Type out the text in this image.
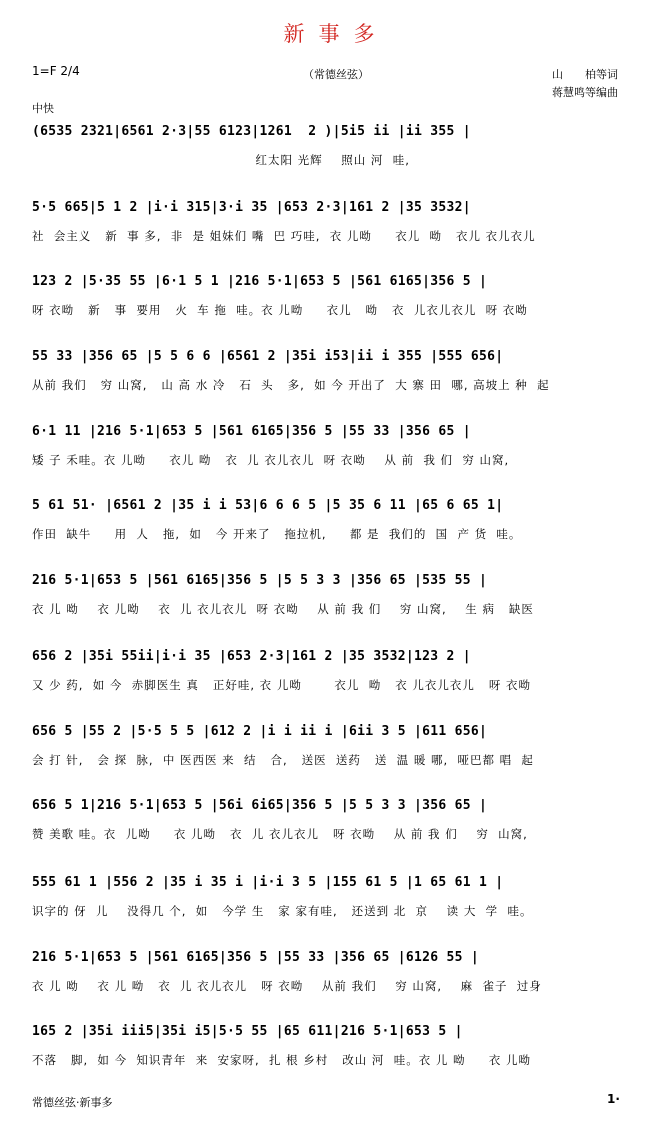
新事多
1=F 2/4	（常德丝弦）	山　　柏等词
蒋慧鸣等编曲
中快
(6535 2321|6561 2·3|55 6123|1261  2 )|5i5 ii |ii 355 |
红太阳 光辉    照山 河  哇,
5·5 665|5 1 2 |i·i 315|3·i 35 |653 2·3|161 2 |35 3532|
社  会主义   新  事 多,  非  是 姐妹们 嘴  巴 巧哇,  衣 儿呦     衣儿  呦   衣儿 衣儿衣儿
123 2 |5·35 55 |6·1 5 1 |216 5·1|653 5 |561 6165|356 5 |
呀 衣呦   新   事  要用   火  车 拖  哇。衣 儿呦     衣儿   呦   衣  儿衣儿衣儿  呀 衣呦
55 33 |356 65 |5 5 6 6 |6561 2 |35i i53|ii i 355 |555 656|
从前 我们   穷 山窝,   山 高 水 冷   石  头   多,  如 今 开出了  大 寨 田  哪, 高坡上 种  起
6·1 11 |216 5·1|653 5 |561 6165|356 5 |55 33 |356 65 |
矮 子 禾哇。衣 儿呦     衣儿 呦   衣  儿 衣儿衣儿  呀 衣呦    从 前  我 们  穷 山窝,
5 61 51· |6561 2 |35 i i 53|6 6 6 5 |5 35 6 11 |65 6 65 1|
作田  缺牛     用  人   拖,  如   今 开来了   拖拉机,     都 是  我们的  国  产 货  哇。
216 5·1|653 5 |561 6165|356 5 |5 5 3 3 |356 65 |535 55 |
衣 儿 呦    衣 儿呦    衣  儿 衣儿衣儿  呀 衣呦    从 前 我 们    穷 山窝,    生 病   缺医
656 2 |35i 55ii|i·i 35 |653 2·3|161 2 |35 3532|123 2 |
又 少 药,  如 今  赤脚医生 真   正好哇, 衣 儿呦       衣儿  呦   衣 儿衣儿衣儿   呀 衣呦
656 5 |55 2 |5·5 5 5 |612 2 |i i ii i |6ii 3 5 |611 656|
会 打 针,   会 探  脉,  中 医西医 来  结   合,   送医  送药   送  温 暖 哪,  哑巴都 唱  起
656 5 1|216 5·1|653 5 |56i 6i65|356 5 |5 5 3 3 |356 65 |
赞 美歌 哇。衣  儿呦     衣 儿呦   衣  儿 衣儿衣儿   呀 衣呦    从 前 我 们    穷  山窝,
555 61 1 |556 2 |35 i 35 i |i·i 3 5 |155 61 5 |1 65 61 1 |
识字的 伢  儿    没得几 个,  如   今学 生   家 家有哇,   还送到 北  京    读 大  学  哇。
216 5·1|653 5 |561 6165|356 5 |55 33 |356 65 |6126 55 |
衣 儿 呦    衣 儿 呦   衣  儿 衣儿衣儿   呀 衣呦    从前 我们    穷 山窝,    麻  雀子  过身
165 2 |35i iii5|35i i5|5·5 55 |65 611|216 5·1|653 5 |
不落   脚,  如 今  知识青年  来  安家呀,  扎 根 乡村   改山 河  哇。衣 儿 呦     衣 儿呦
常德丝弦·新事多	1·
